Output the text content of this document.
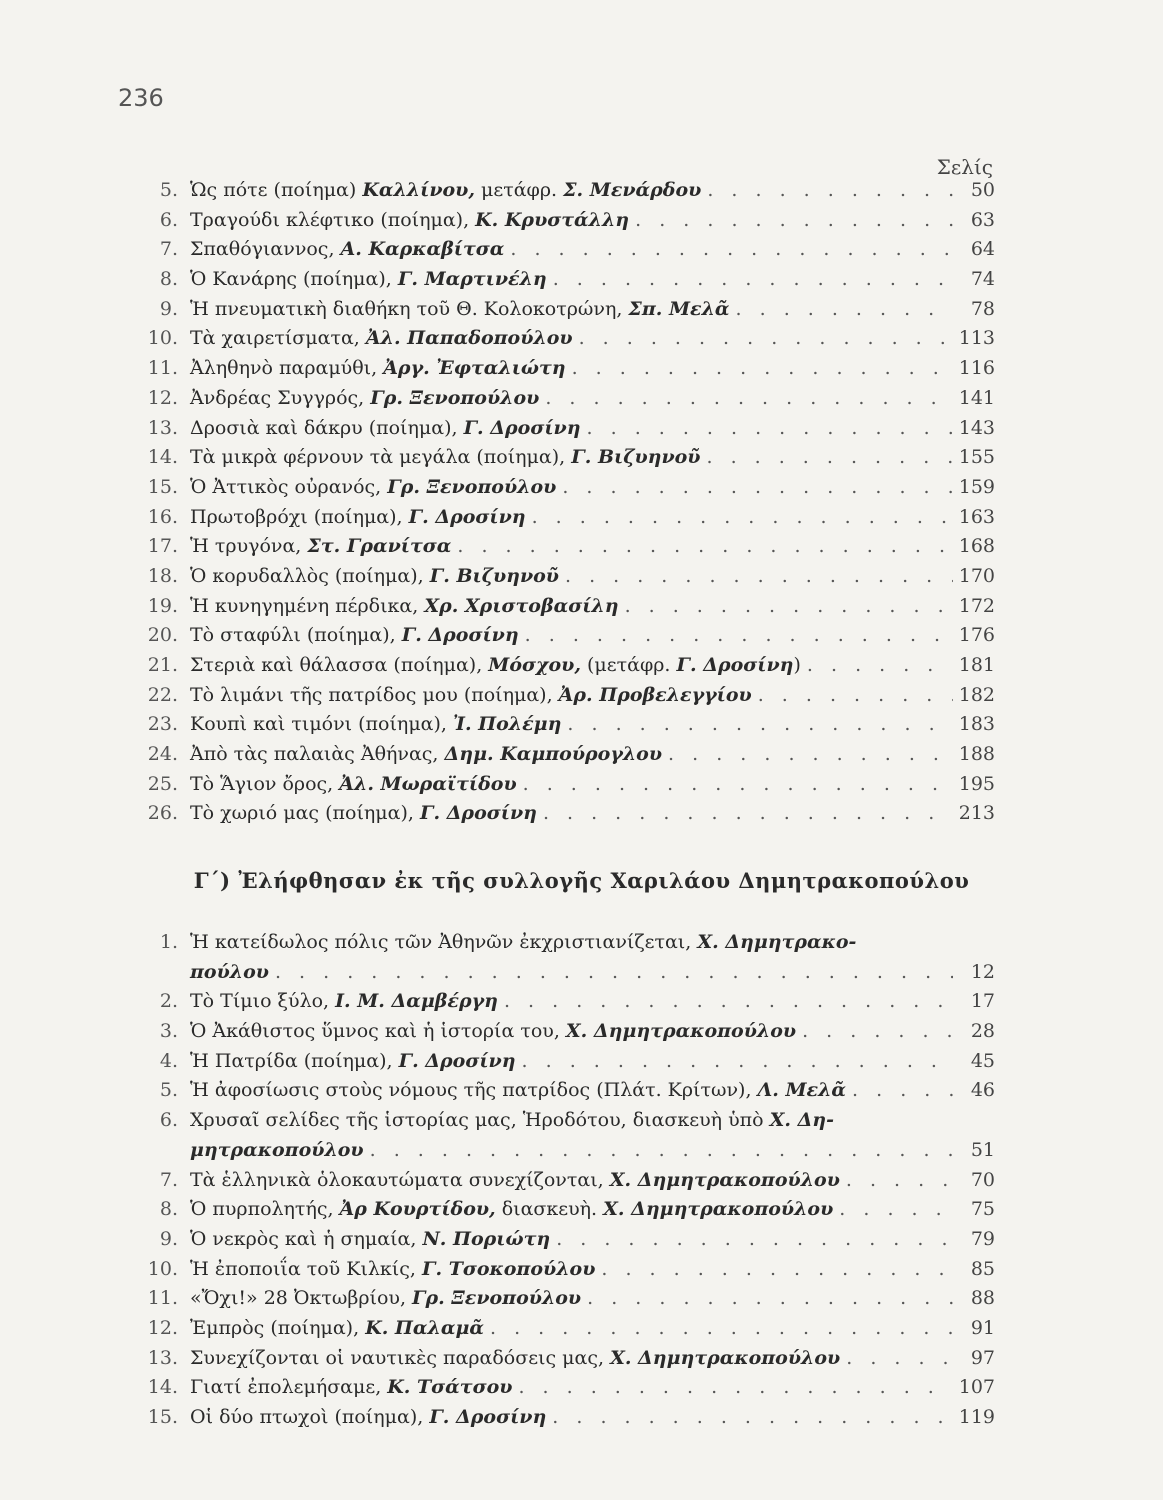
236
Σελίς
5. Ὡς πότε (ποίημα) Καλλίνου, μετάφρ. Σ. Μενάρδου . . .	50
6. Τραγούδι κλέφτικο (ποίημα), Κ. Κρυστάλλη . . .	63
7. Σπαθόγιαννος, Α. Καρκαβίτσα . . .	64
8. Ὁ Κανάρης (ποίημα), Γ. Μαρτινέλη . . .	74
9. Ἡ πνευματικὴ διαθήκη τοῦ Θ. Κολοκοτρώνη, Σπ. Μελᾶ . . .	78
10. Τὰ χαιρετίσματα, Ἀλ. Παπαδοπούλου . . .	113
11. Ἀληθηνὸ παραμύθι, Ἀργ. Ἐφταλιώτη . . .	116
12. Ἀνδρέας Συγγρός, Γρ. Ξενοπούλου . . .	141
13. Δροσιὰ καὶ δάκρυ (ποίημα), Γ. Δροσίνη . . .	143
14. Τὰ μικρὰ φέρνουν τὰ μεγάλα (ποίημα), Γ. Βιζυηνοῦ . . .	155
15. Ὁ Ἀττικὸς οὐρανός, Γρ. Ξενοπούλου . . .	159
16. Πρωτοβρόχι (ποίημα), Γ. Δροσίνη . . .	163
17. Ἡ τρυγόνα, Στ. Γρανίτσα . . .	168
18. Ὁ κορυδαλλὸς (ποίημα), Γ. Βιζυηνοῦ . . .	170
19. Ἡ κυνηγημένη πέρδικα, Χρ. Χριστοβασίλη . . .	172
20. Τὸ σταφύλι (ποίημα), Γ. Δροσίνη . . .	176
21. Στεριὰ καὶ θάλασσα (ποίημα), Μόσχου, (μετάφρ. Γ. Δροσίνη) . . .	181
22. Τὸ λιμάνι τῆς πατρίδος μου (ποίημα), Ἀρ. Προβελεγγίου . . .	182
23. Κουπὶ καὶ τιμόνι (ποίημα), Ἰ. Πολέμη . . .	183
24. Ἀπὸ τὰς παλαιὰς Ἀθήνας, Δημ. Καμπούρογλου . . .	188
25. Τὸ Ἅγιον ὄρος, Ἀλ. Μωραϊτίδου . . .	195
26. Τὸ χωριό μας (ποίημα), Γ. Δροσίνη . . .	213
Γ΄) Ἐλήφθησαν ἐκ τῆς συλλογῆς Χαριλάου Δημητρακοπούλου
1. Ἡ κατείδωλος πόλις τῶν Ἀθηνῶν ἐκχριστιανίζεται, Χ. Δημητρακο-
πούλου . . .	12
2. Τὸ Τίμιο ξύλο, Ι. Μ. Δαμβέργη . . .	17
3. Ὁ Ἀκάθιστος ὕμνος καὶ ἡ ἱστορία του, Χ. Δημητρακοπούλου . . .	28
4. Ἡ Πατρίδα (ποίημα), Γ. Δροσίνη . . .	45
5. Ἡ ἀφοσίωσις στοὺς νόμους τῆς πατρίδος (Πλάτ. Κρίτων), Λ. Μελᾶ . . .	46
6. Χρυσαῖ σελίδες τῆς ἱστορίας μας, Ἡροδότου, διασκευὴ ὑπὸ Χ. Δη-
μητρακοπούλου . . .	51
7. Τὰ ἑλληνικὰ ὁλοκαυτώματα συνεχίζονται, Χ. Δημητρακοπούλου . . .	70
8. Ὁ πυρπολητής, Ἀρ Κουρτίδου, διασκευὴ. Χ. Δημητρακοπούλου . . .	75
9. Ὁ νεκρὸς καὶ ἡ σημαία, Ν. Ποριώτη . . .	79
10. Ἡ ἐποποιΐα τοῦ Κιλκίς, Γ. Τσοκοπούλου . . .	85
11. «Ὄχι!» 28 Ὀκτωβρίου, Γρ. Ξενοπούλου . . .	88
12. Ἐμπρὸς (ποίημα), Κ. Παλαμᾶ . . .	91
13. Συνεχίζονται οἱ ναυτικὲς παραδόσεις μας, Χ. Δημητρακοπούλου . . .	97
14. Γιατί ἐπολεμήσαμε, Κ. Τσάτσου . . .	107
15. Οἱ δύο πτωχοὶ (ποίημα), Γ. Δροσίνη . . .	119
